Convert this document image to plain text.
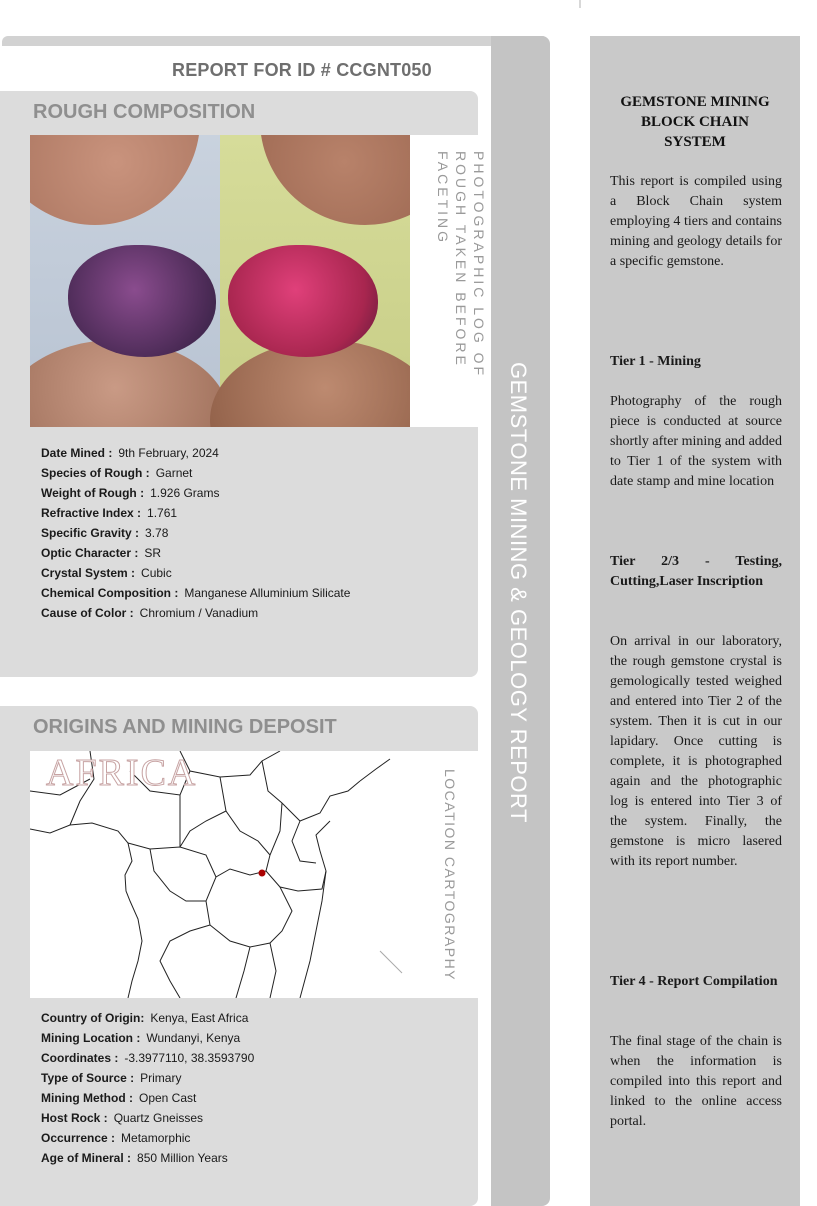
REPORT FOR ID # CCGNT050
ROUGH COMPOSITION
PHOTOGRAPHIC LOG OF ROUGH TAKEN BEFORE FACETING
Date Mined : 9th February, 2024
Species of Rough : Garnet
Weight of Rough : 1.926 Grams
Refractive Index : 1.761
Specific Gravity : 3.78
Optic Character : SR
Crystal System : Cubic
Chemical Composition : Manganese Alluminium Silicate
Cause of Color : Chromium / Vanadium
ORIGINS AND MINING DEPOSIT
AFRICA	LOCATION CARTOGRAPHY
Country of Origin: Kenya, East Africa
Mining Location : Wundanyi, Kenya
Coordinates : -3.3977110, 38.3593790
Type of Source : Primary
Mining Method : Open Cast
Host Rock : Quartz Gneisses
Occurrence : Metamorphic
Age of Mineral : 850 Million Years
GEMSTONE MINING & GEOLOGY REPORT
GEMSTONE MINING BLOCK CHAIN SYSTEM
This report is compiled using a Block Chain system employing 4 tiers and contains mining and geology details for a specific gemstone.
Tier 1 - Mining
Photography of the rough piece is conducted at source shortly after mining and added to Tier 1 of the system with date stamp and mine location
Tier 2/3 - Testing, Cutting,Laser Inscription
On arrival in our laboratory, the rough gemstone crystal is gemologically tested weighed and entered into Tier 2 of the system. Then it is cut in our lapidary. Once cutting is complete, it is photographed again and the photographic log is entered into Tier 3 of the system. Finally, the gemstone is micro lasered with its report number.
Tier 4 - Report Compilation
The final stage of the chain is when the information is compiled into this report and linked to the online access portal.
